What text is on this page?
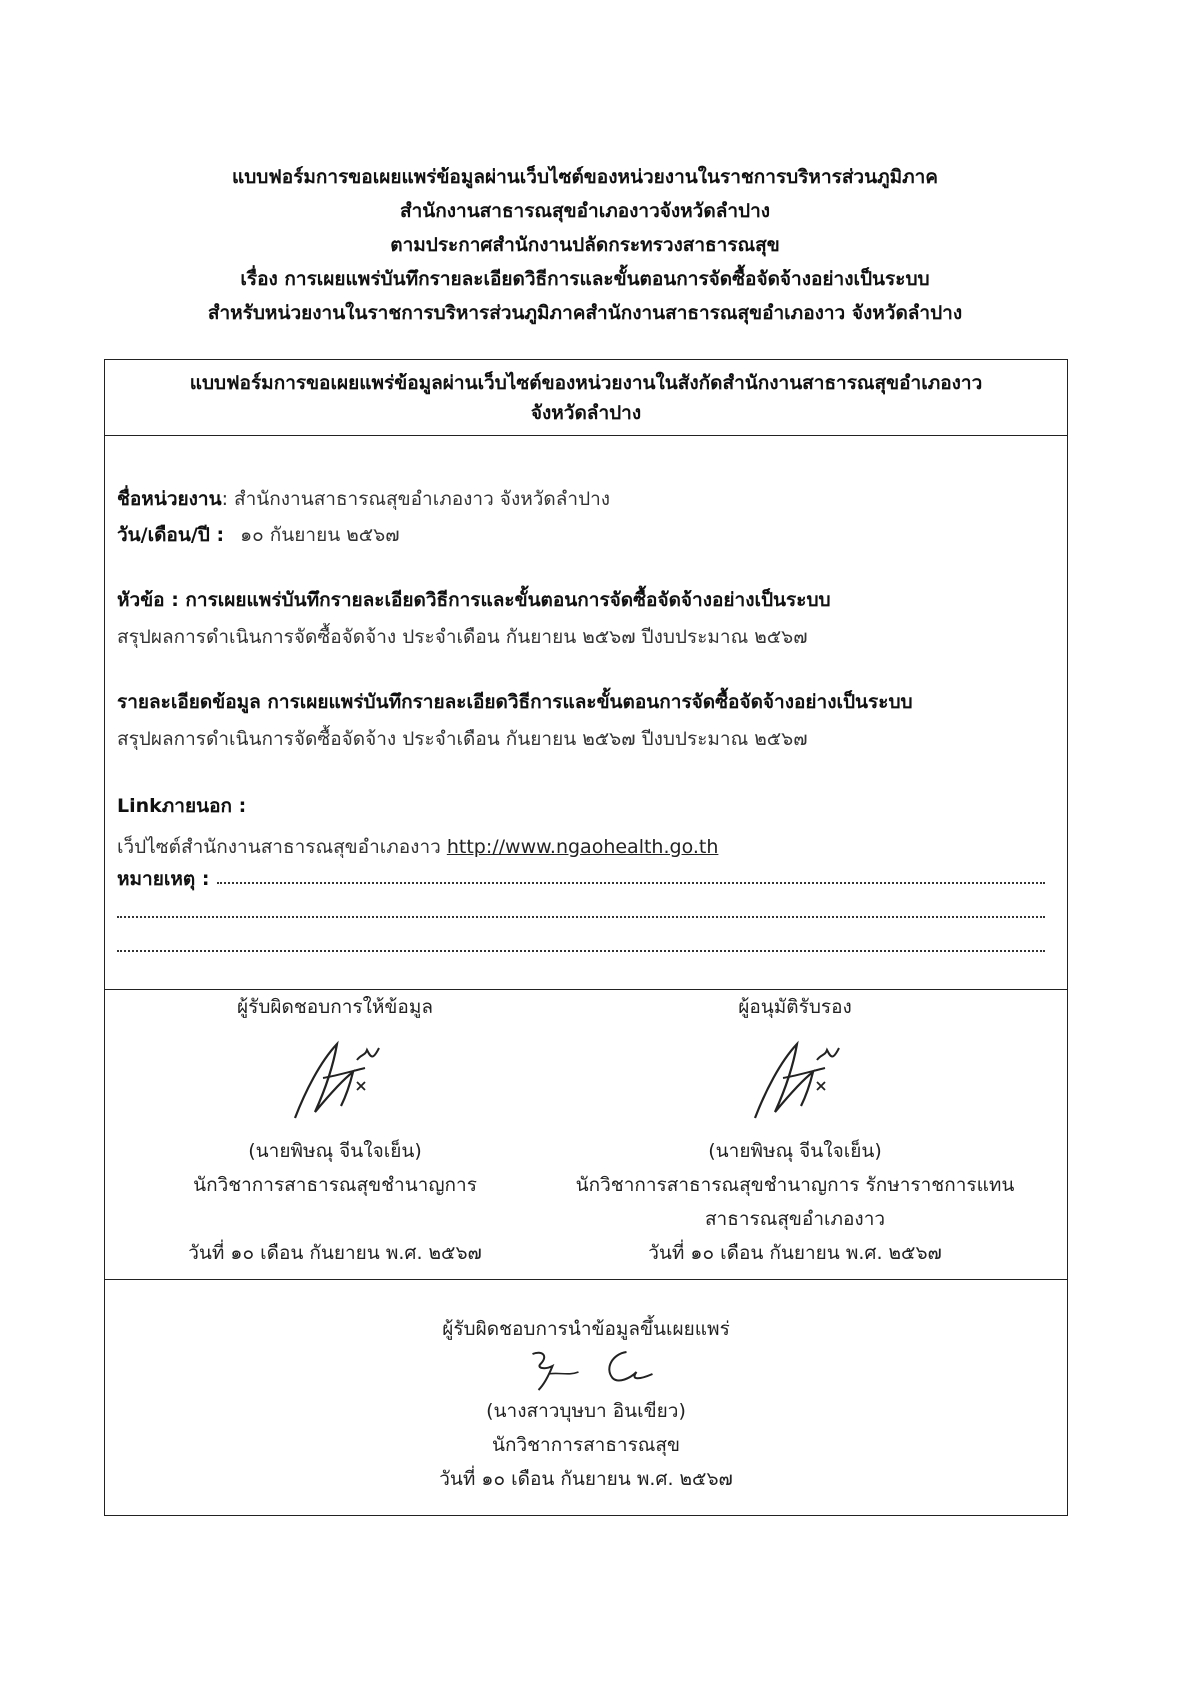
แบบฟอร์มการขอเผยแพร่ข้อมูลผ่านเว็บไซต์ของหน่วยงานในราชการบริหารส่วนภูมิภาค
สำนักงานสาธารณสุขอำเภองาวจังหวัดลำปาง
ตามประกาศสำนักงานปลัดกระทรวงสาธารณสุข
เรื่อง การเผยแพร่บันทึกรายละเอียดวิธีการและขั้นตอนการจัดซื้อจัดจ้างอย่างเป็นระบบ
สำหรับหน่วยงานในราชการบริหารส่วนภูมิภาคสำนักงานสาธารณสุขอำเภองาว จังหวัดลำปาง
แบบฟอร์มการขอเผยแพร่ข้อมูลผ่านเว็บไซต์ของหน่วยงานในสังกัดสำนักงานสาธารณสุขอำเภองาว
จังหวัดลำปาง
ชื่อหน่วยงาน: สำนักงานสาธารณสุขอำเภองาว จังหวัดลำปาง
วัน/เดือน/ปี : ๑๐ กันยายน ๒๕๖๗
หัวข้อ : การเผยแพร่บันทึกรายละเอียดวิธีการและขั้นตอนการจัดซื้อจัดจ้างอย่างเป็นระบบ
สรุปผลการดำเนินการจัดซื้อจัดจ้าง ประจำเดือน กันยายน ๒๕๖๗ ปีงบประมาณ ๒๕๖๗
รายละเอียดข้อมูล การเผยแพร่บันทึกรายละเอียดวิธีการและขั้นตอนการจัดซื้อจัดจ้างอย่างเป็นระบบ
สรุปผลการดำเนินการจัดซื้อจัดจ้าง ประจำเดือน กันยายน ๒๕๖๗ ปีงบประมาณ ๒๕๖๗
Linkภายนอก :
เว็ปไซต์สำนักงานสาธารณสุขอำเภองาว http://www.ngaohealth.go.th
หมายเหตุ :
ผู้รับผิดชอบการให้ข้อมูล
(นายพิษณุ จีนใจเย็น)
นักวิชาการสาธารณสุขชำนาญการ
วันที่ ๑๐ เดือน กันยายน พ.ศ. ๒๕๖๗
ผู้อนุมัติรับรอง
(นายพิษณุ จีนใจเย็น)
นักวิชาการสาธารณสุขชำนาญการ รักษาราชการแทน
สาธารณสุขอำเภองาว
วันที่ ๑๐ เดือน กันยายน พ.ศ. ๒๕๖๗
ผู้รับผิดชอบการนำข้อมูลขึ้นเผยแพร่
(นางสาวบุษบา อินเขียว)
นักวิชาการสาธารณสุข
วันที่ ๑๐ เดือน กันยายน พ.ศ. ๒๕๖๗
